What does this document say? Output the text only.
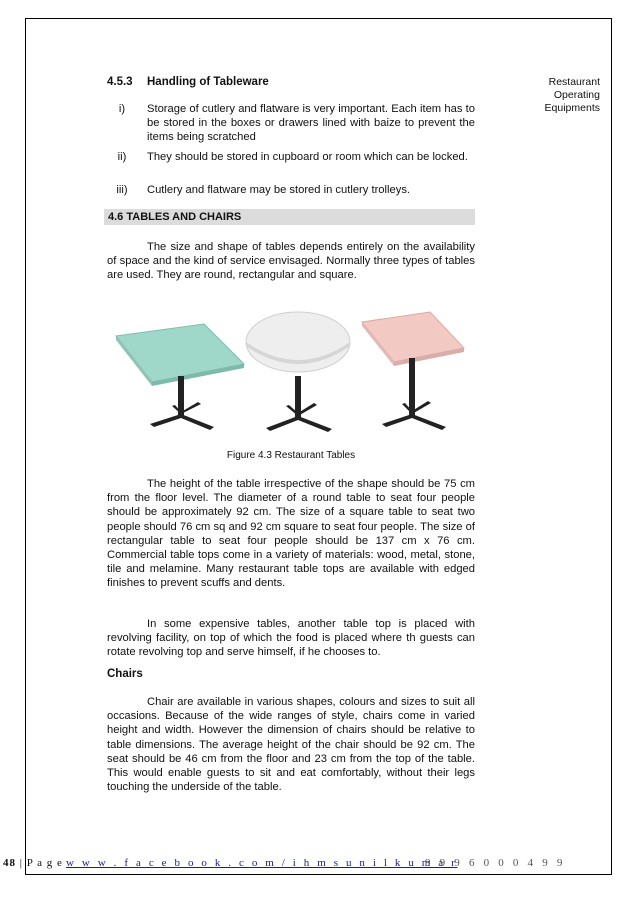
Restaurant Operating Equipments
4.5.3 Handling of Tableware
i)	Storage of cutlery and flatware is very important. Each item has to be stored in the boxes or drawers lined with baize to prevent the items being scratched
ii)	They should be stored in cupboard or room which can be locked.
iii)	Cutlery and flatware may be stored in cutlery trolleys.
4.6 TABLES AND CHAIRS
The size and shape of tables depends entirely on the availability of space and the kind of service envisaged. Normally three types of tables are used. They are round, rectangular and square.
Figure 4.3 Restaurant Tables
The height of the table irrespective of the shape should be 75 cm from the floor level. The diameter of a round table to seat four people should be approximately 92 cm. The size of a square table to seat two people should 76 cm sq and 92 cm square to seat four people. The size of rectangular table to seat four people should be 137 cm x 76 cm. Commercial table tops come in a variety of materials: wood, metal, stone, tile and melamine. Many restaurant table tops are available with edged finishes to prevent scuffs and dents.
In some expensive tables, another table top is placed with revolving facility, on top of which the food is placed where th guests can rotate revolving top and serve himself, if he chooses to.
Chairs
Chair are available in various shapes, colours and sizes to suit all occasions. Because of the wide ranges of style, chairs come in varied height and width. However the dimension of chairs should be relative to table dimensions. The average height of the chair should be 92 cm. The seat should be 46 cm from the floor and 23 cm from the top of the table. This would enable guests to sit and eat comfortably, without their legs touching the underside of the table.
48 | P a g e w w w . f a c e b o o k . c o m / i h m s u n i l k u m a r
9 9 9 6 0 0 0 4 9 9
